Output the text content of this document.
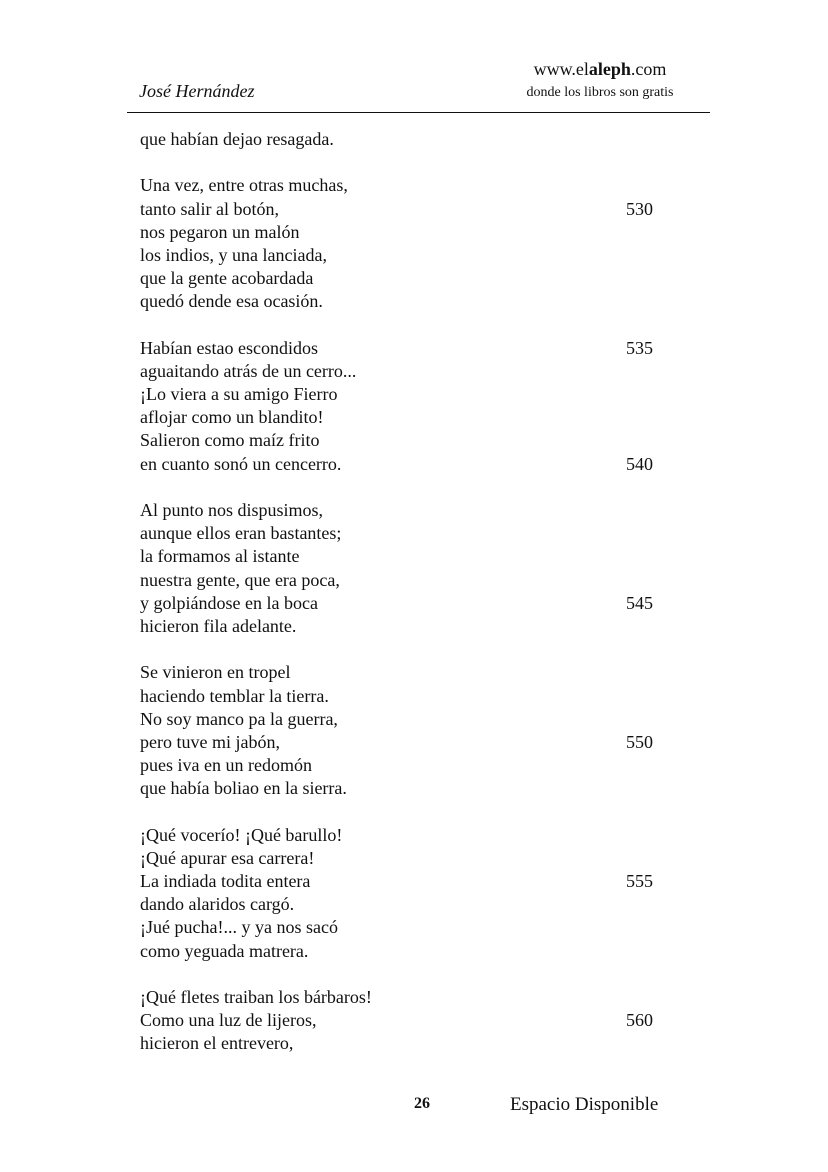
José Hernández
www.elaleph.com
donde los libros son gratis
que habían dejao resagada.
Una vez, entre otras muchas,
tanto salir al botón,	530
nos pegaron un malón
los indios, y una lanciada,
que la gente acobardada
quedó dende esa ocasión.
Habían estao escondidos	535
aguaitando atrás de un cerro...
¡Lo viera a su amigo Fierro
aflojar como un blandito!
Salieron como maíz frito
en cuanto sonó un cencerro.	540
Al punto nos dispusimos,
aunque ellos eran bastantes;
la formamos al istante
nuestra gente, que era poca,
y golpiándose en la boca	545
hicieron fila adelante.
Se vinieron en tropel
haciendo temblar la tierra.
No soy manco pa la guerra,
pero tuve mi jabón,	550
pues iva en un redomón
que había boliao en la sierra.
¡Qué vocerío! ¡Qué barullo!
¡Qué apurar esa carrera!
La indiada todita entera	555
dando alaridos cargó.
¡Jué pucha!... y ya nos sacó
como yeguada matrera.
¡Qué fletes traiban los bárbaros!
Como una luz de lijeros,	560
hicieron el entrevero,
26	Espacio Disponible
